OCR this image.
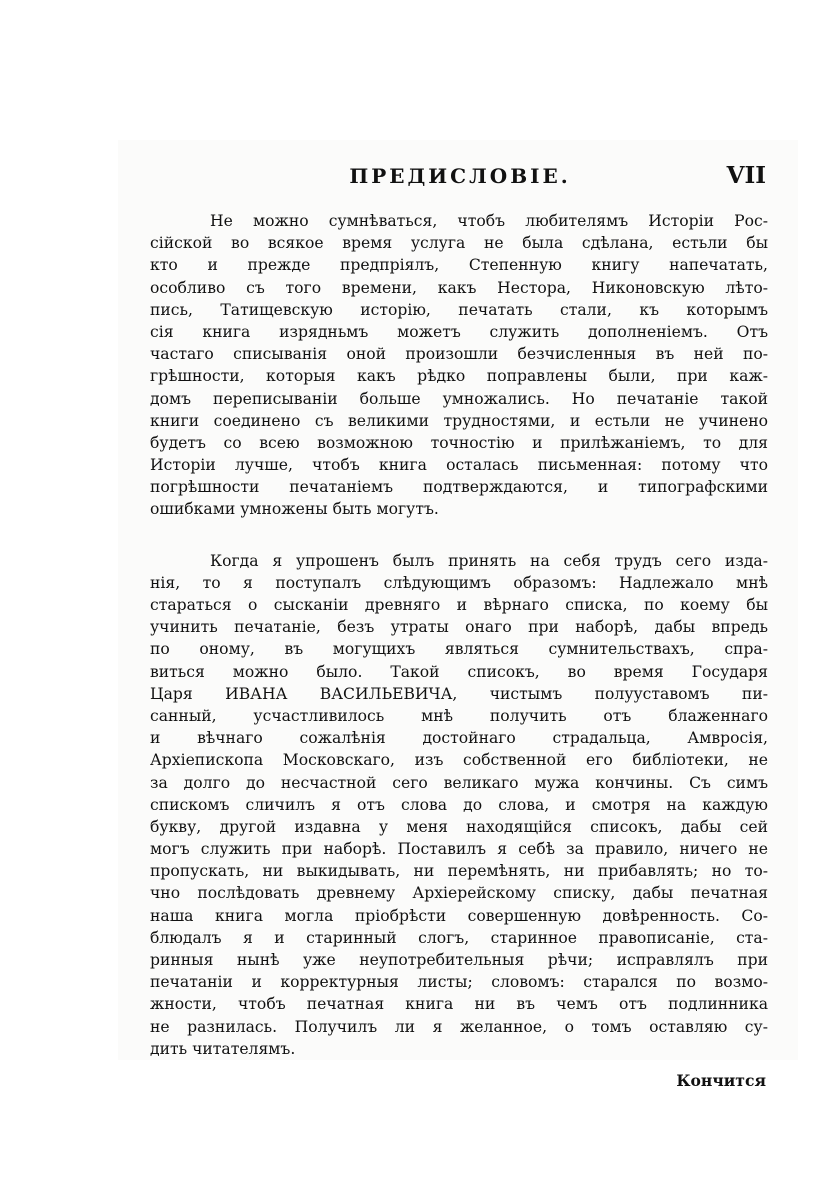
ПРЕДИСЛОВІЕ.	VII
Не можно сумнѣваться, чтобъ любителямъ Исторіи Рос-
сійской во всякое время услуга не была сдѣлана, естьли бы
кто и прежде предпріялъ, Степенную книгу напечатать,
особливо съ того времени, какъ Нестора, Никоновскую лѣто-
пись, Татищевскую исторію, печатать стали, къ которымъ
сія книга изрядньмъ можетъ служить дополненіемъ. Отъ
частаго списыванія оной произошли безчисленныя въ ней по-
грѣшности, которыя какъ рѣдко поправлены были, при каж-
домъ переписываніи больше умножались. Но печатаніе такой
книги соединено съ великими трудностями, и естьли не учинено
будетъ со всею возможною точностію и прилѣжаніемъ, то для
Исторіи лучше, чтобъ книга осталась письменная: потому что
погрѣшности печатаніемъ подтверждаются, и типографскими
ошибками умножены быть могутъ.
Когда я упрошенъ былъ принять на себя трудъ сего изда-
нія, то я поступалъ слѣдующимъ образомъ: Надлежало мнѣ
стараться о сысканіи древняго и вѣрнаго списка, по коему бы
учинить печатаніе, безъ утраты онаго при наборѣ, дабы впредь
по оному, въ могущихъ являться сумнительствахъ, спра-
виться можно было. Такой списокъ, во время Государя
Царя ИВАНА ВАСИЛЬЕВИЧА, чистымъ полууставомъ пи-
санный, усчастливилось мнѣ получить отъ блаженнаго
и вѣчнаго сожалѣнія достойнаго страдальца, Амвросія,
Архіепископа Московскаго, изъ собственной его библіотеки, не
за долго до несчастной сего великаго мужа кончины. Съ симъ
спискомъ сличилъ я отъ слова до слова, и смотря на каждую
букву, другой издавна у меня находящійся списокъ, дабы сей
могъ служить при наборѣ. Поставилъ я себѣ за правило, ничего не
пропускать, ни выкидывать, ни перемѣнять, ни прибавлять; но то-
чно послѣдовать древнему Архіерейскому списку, дабы печатная
наша книга могла пріобрѣсти совершенную довѣренность. Со-
блюдалъ я и старинный слогъ, старинное правописаніе, ста-
ринныя нынѣ уже неупотребительныя рѣчи; исправлялъ при
печатаніи и корректурныя листы; словомъ: старался по возмо-
жности, чтобъ печатная книга ни въ чемъ отъ подлинника
не разнилась. Получилъ ли я желанное, о томъ оставляю су-
дить читателямъ.
Кончится
